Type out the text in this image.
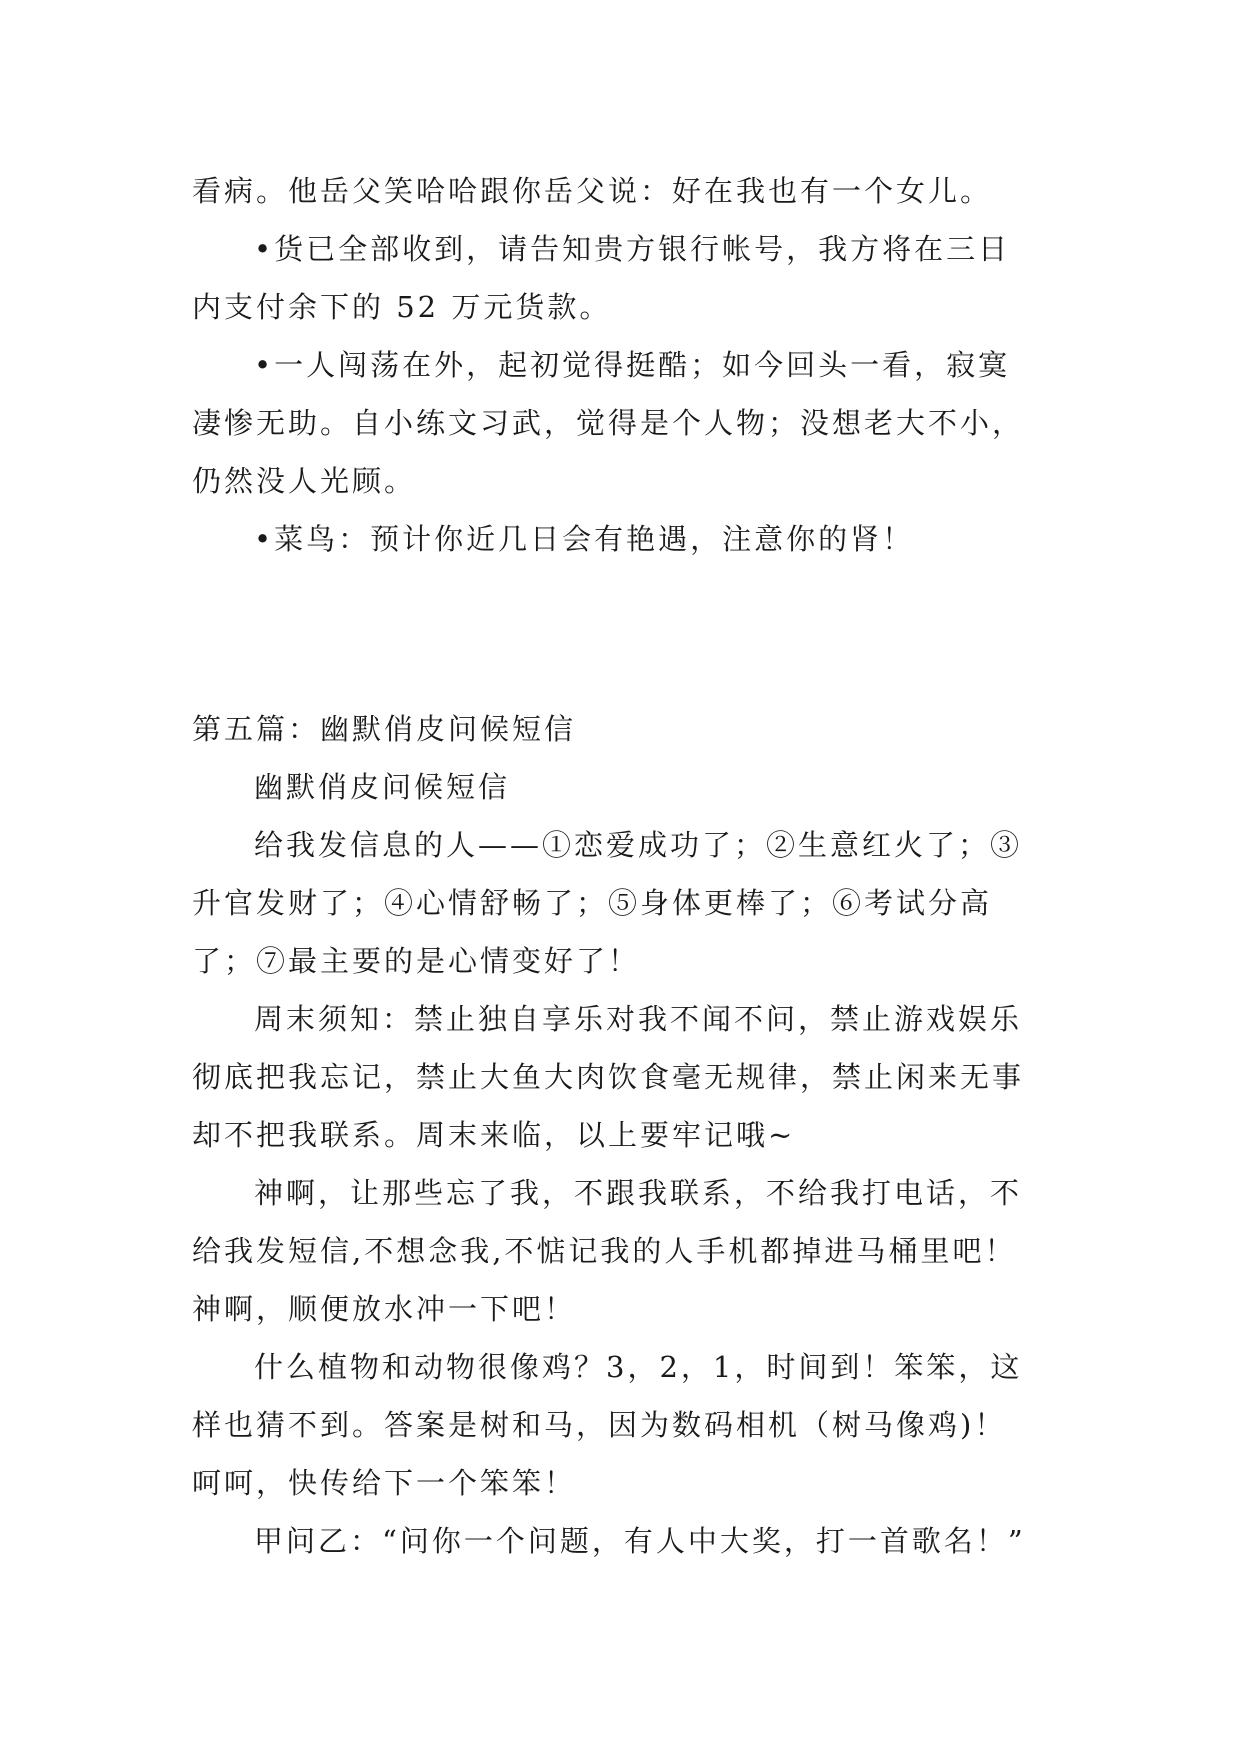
看病。他岳父笑哈哈跟你岳父说：好在我也有一个女儿。
•货已全部收到，请告知贵方银行帐号，我方将在三日
内支付余下的 52 万元货款。
•一人闯荡在外，起初觉得挺酷；如今回头一看，寂寞
凄惨无助。自小练文习武，觉得是个人物；没想老大不小，
仍然没人光顾。
•菜鸟：预计你近几日会有艳遇，注意你的肾！
第五篇：幽默俏皮问候短信
幽默俏皮问候短信
给我发信息的人——①恋爱成功了；②生意红火了；③
升官发财了；④心情舒畅了；⑤身体更棒了；⑥考试分高
了；⑦最主要的是心情变好了！
周末须知：禁止独自享乐对我不闻不问，禁止游戏娱乐
彻底把我忘记，禁止大鱼大肉饮食毫无规律，禁止闲来无事
却不把我联系。周末来临，以上要牢记哦~
神啊，让那些忘了我，不跟我联系，不给我打电话，不
给我发短信,不想念我,不惦记我的人手机都掉进马桶里吧！
神啊，顺便放水冲一下吧！
什么植物和动物很像鸡？3，2，1，时间到！笨笨，这
样也猜不到。答案是树和马，因为数码相机（树马像鸡)！
呵呵，快传给下一个笨笨！
甲问乙：“问你一个问题，有人中大奖，打一首歌名！”
